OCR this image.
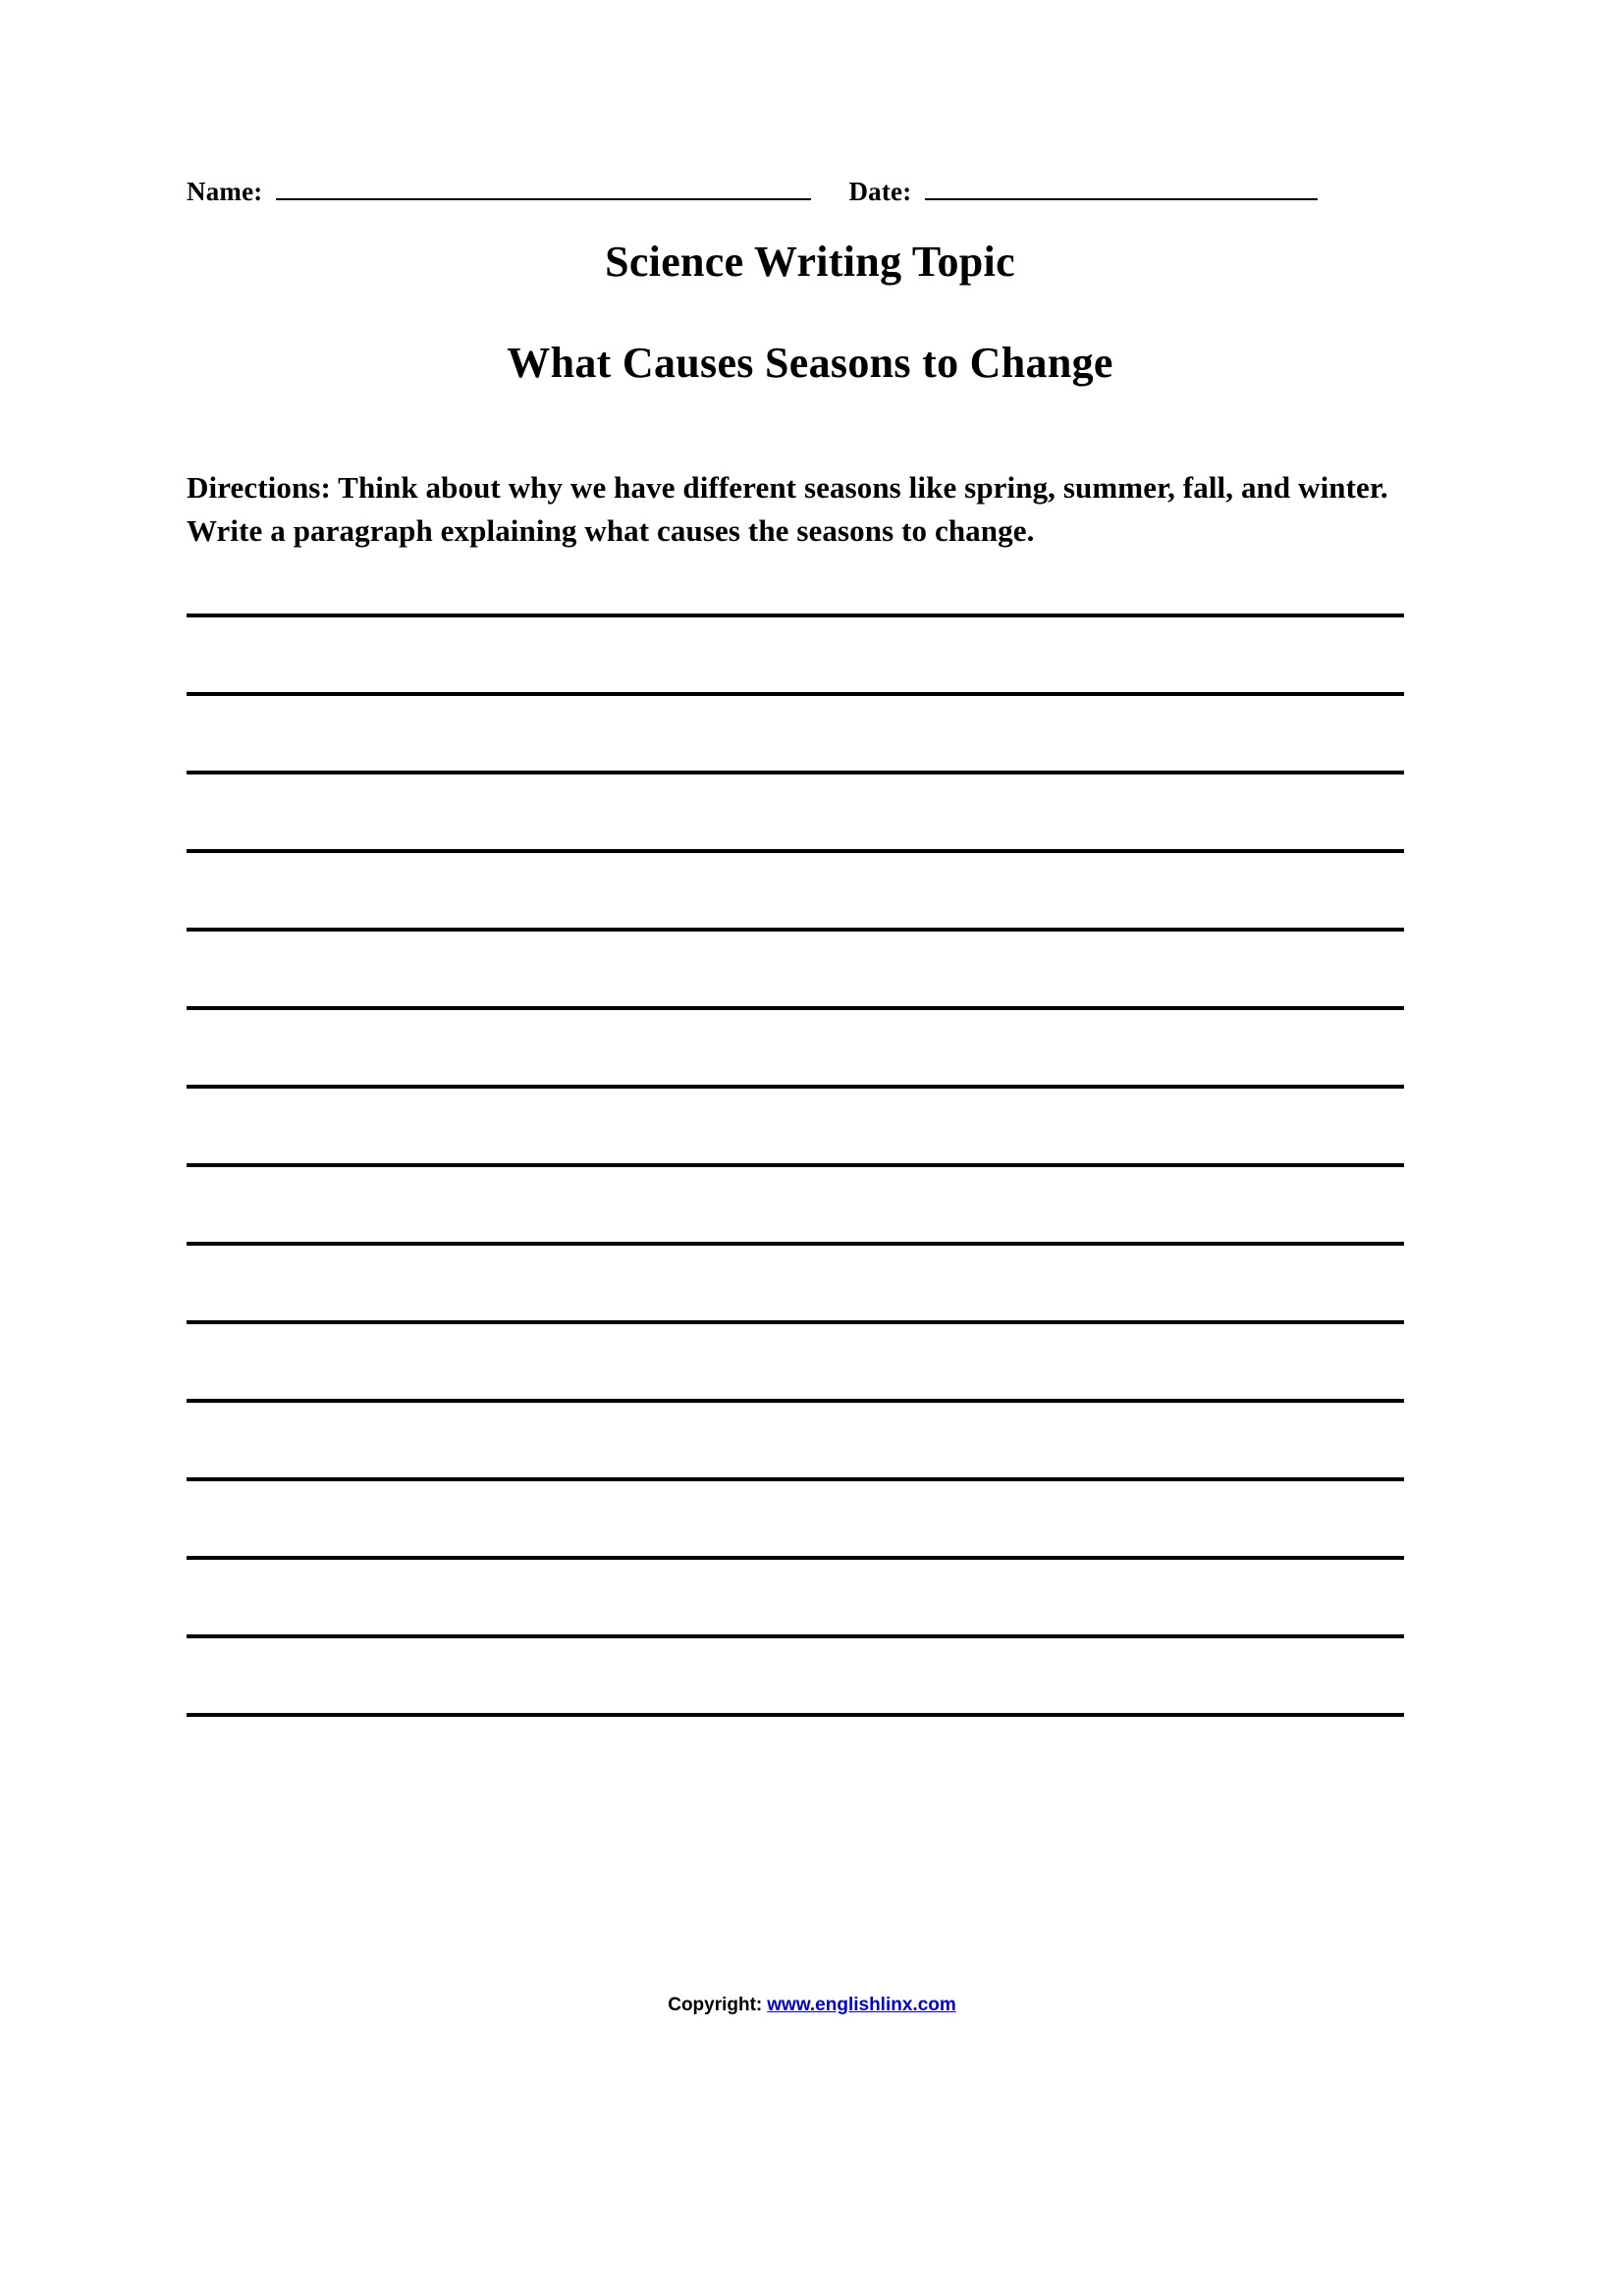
Name:	Date:
Science Writing Topic
What Causes Seasons to Change
Directions: Think about why we have different seasons like spring, summer, fall, and winter. Write a paragraph explaining what causes the seasons to change.
Copyright: www.englishlinx.com
